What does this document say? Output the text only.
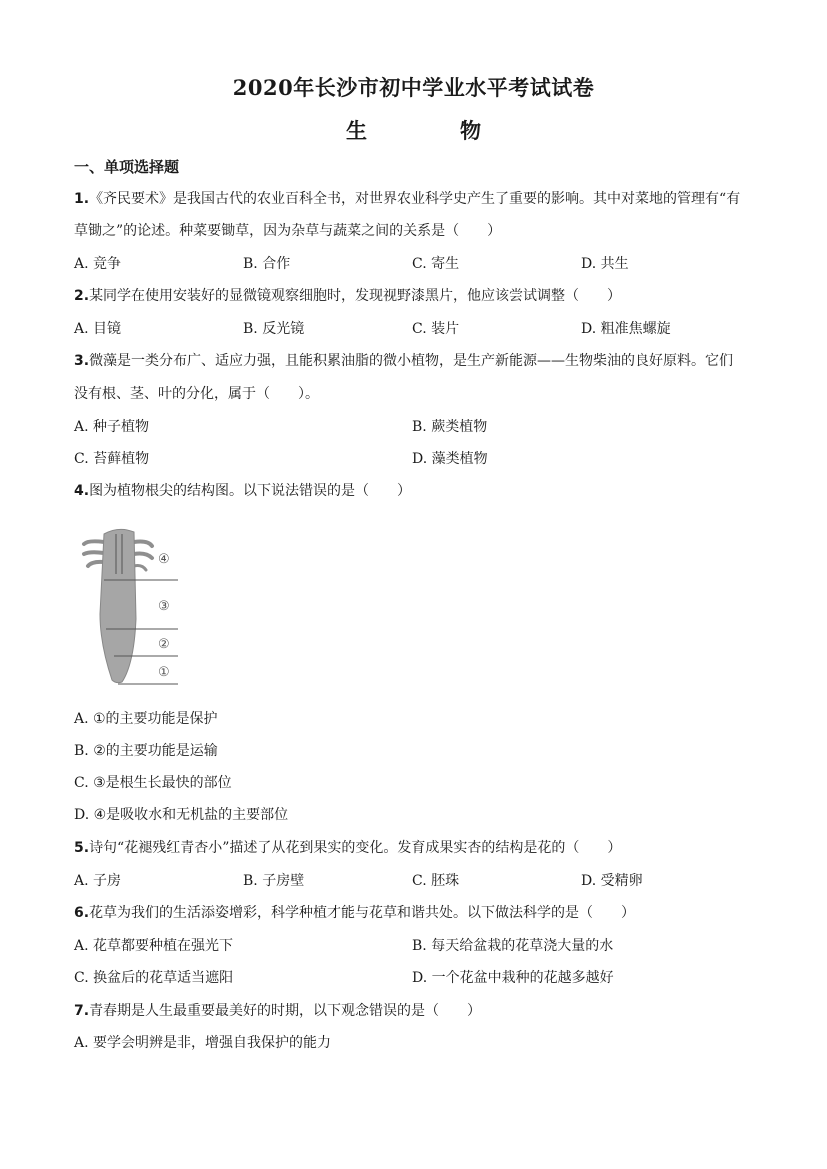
2020年长沙市初中学业水平考试试卷
生	物
一、单项选择题
1.《齐民要术》是我国古代的农业百科全书，对世界农业科学史产生了重要的影响。其中对菜地的管理有“有
草锄之”的论述。种菜要锄草，因为杂草与蔬菜之间的关系是（　　）
A. 竞争	B. 合作	C. 寄生	D. 共生
2.某同学在使用安装好的显微镜观察细胞时，发现视野漆黑片，他应该尝试调整（　　）
A. 目镜	B. 反光镜	C. 装片	D. 粗准焦螺旋
3.微藻是一类分布广、适应力强，且能积累油脂的微小植物，是生产新能源——生物柴油的良好原料。它们
没有根、茎、叶的分化，属于（　　）。
A. 种子植物	B. 蕨类植物
C. 苔藓植物	D. 藻类植物
4.图为植物根尖的结构图。以下说法错误的是（　　）
④
③
②
①
A. ①的主要功能是保护
B. ②的主要功能是运输
C. ③是根生长最快的部位
D. ④是吸收水和无机盐的主要部位
5.诗句“花褪残红青杏小”描述了从花到果实的变化。发育成果实杏的结构是花的（　　）
A. 子房	B. 子房壁	C. 胚珠	D. 受精卵
6.花草为我们的生活添姿增彩，科学种植才能与花草和谐共处。以下做法科学的是（　　）
A. 花草都要种植在强光下	B. 每天给盆栽的花草浇大量的水
C. 换盆后的花草适当遮阳	D. 一个花盆中栽种的花越多越好
7.青春期是人生最重要最美好的时期，以下观念错误的是（　　）
A. 要学会明辨是非，增强自我保护的能力
